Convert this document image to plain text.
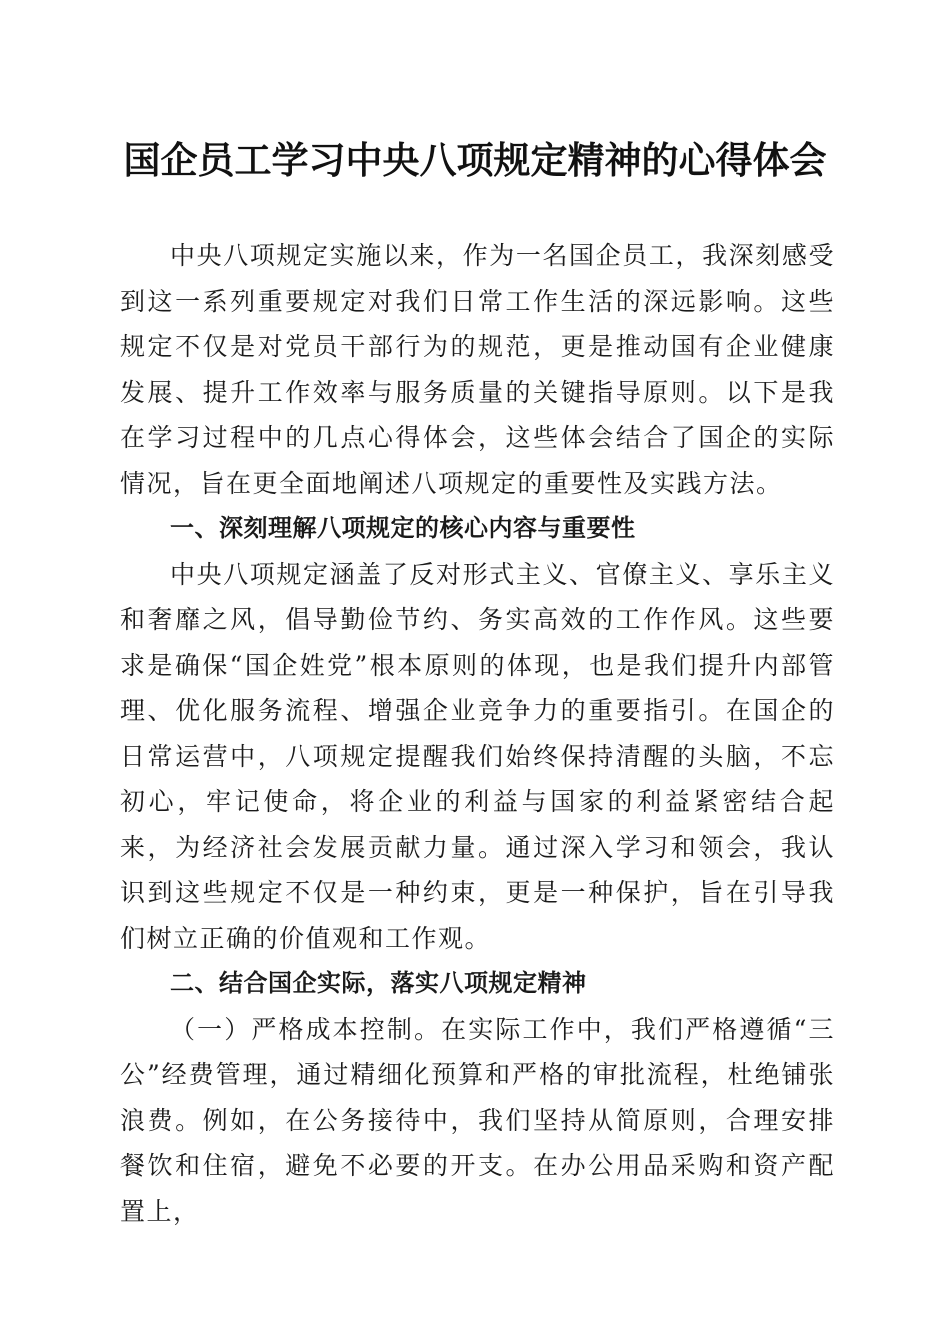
国企员工学习中央八项规定精神的心得体会

中央八项规定实施以来，作为一名国企员工，我深刻感受到这一系列重要规定对我们日常工作生活的深远影响。这些规定不仅是对党员干部行为的规范，更是推动国有企业健康发展、提升工作效率与服务质量的关键指导原则。以下是我在学习过程中的几点心得体会，这些体会结合了国企的实际情况，旨在更全面地阐述八项规定的重要性及实践方法。

一、深刻理解八项规定的核心内容与重要性

中央八项规定涵盖了反对形式主义、官僚主义、享乐主义和奢靡之风，倡导勤俭节约、务实高效的工作作风。这些要求是确保“国企姓党”根本原则的体现，也是我们提升内部管理、优化服务流程、增强企业竞争力的重要指引。在国企的日常运营中，八项规定提醒我们始终保持清醒的头脑，不忘初心，牢记使命，将企业的利益与国家的利益紧密结合起来，为经济社会发展贡献力量。通过深入学习和领会，我认识到这些规定不仅是一种约束，更是一种保护，旨在引导我们树立正确的价值观和工作观。

二、结合国企实际，落实八项规定精神

（一）严格成本控制。在实际工作中，我们严格遵循“三公”经费管理，通过精细化预算和严格的审批流程，杜绝铺张浪费。例如，在公务接待中，我们坚持从简原则，合理安排餐饮和住宿，避免不必要的开支。在办公用品采购和资产配置上，
